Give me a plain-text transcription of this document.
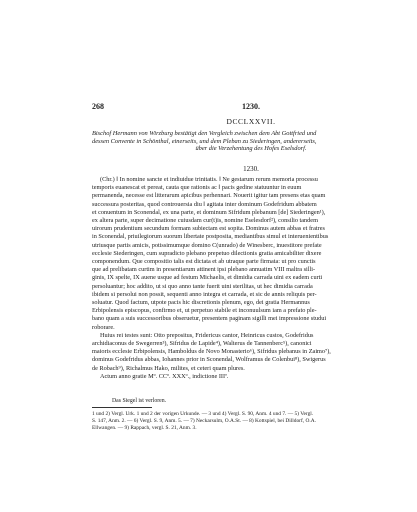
268	1230.
DCCLXXVII.
Bischof Hermann von Wirzburg bestätigt den Vergleich zwischen dem Abt Gottfried und
dessen Convente in Schönthal, einerseits, und dem Pleban zu Siederingen, andererseits,
über die Verzehentung des Hofes Eselsdorf.
1230.
(Chr.) ‖ In nomine sancte et indiuidue trinitatis. ‖ Ne gestarum rerum memoria processu
temporis euanescat et pereat, cauta que rationis ac ‖ pacis gedine statuuntur in euum
permanenda, necesse est litterarum apicibus perhennari. Nouerit igitur tam presens etas quam
successura posteritas, quod controuersia diu ‖ agitata inter dominum Godefridum abbatem
et conuentum in Sconendal, ex una parte, et dominum Sifridum plebanum [de] Siederingen¹),
ex altera parte, super decimatione cuiusdam cur(t)is, nomine Eselesdorf²), consilio tandem
uirorum prudentium secundum formam subiectam est sopita. Dominus autem abbas et fratres
in Sconendal, priuilegiorum suorum libertate postposita, mediantibus simul et interuenientibus
utriusque partis amicis, potissimumque domino C(unrado) de Winesberc, inuestitore prefate
ecclesie Siederingen, cum supradicto plebano prepetuo dilectionis gratia amicabiliter dixere
componendum. Que compositio talis est dictata et ab utraque parte firmata: ut pro cunctis
que ad prelibatam curtim in presentiarum attinent ipsi plebano annuatim VIII maltra silli-
ginis, IX spelte, IX auene usque ad festum Michaelis, et dimidia carrada uini ex eadem curti
persoluantur; hoc addito, ut si quo anno tante fuerit uini sterilitas, ut hec dimidia carrada
ibidem si persolui non possit, sequenti anno integra et carrada, et sic de annis reliquis per-
soluatur. Quod factum, utpote pacis hic discretionis plenum, ego, dei gratia Hermannus
Erbipolensis episcopus, confirmo et, ut perpetuo stabile et inconuulsum iam a prefato ple-
bano quam a suis successoribus obseruetur, presentem paginam sigilli mei impressione studui
roborare.
Huius rei testes sunt: Otto prepositus, Fridericus cantor, Heinricus custos, Godefridus
archidiaconus de Swegerren³), Sifridus de Lapide⁴), Walterus de Tannenberc⁵), canonici
maioris ecclesie Erbipolensis, Hamboldus de Novo Monasterio⁶), Sifridus plebanus in Zaimo⁷),
dominus Godefridus abbas, Iohannes prior in Sconendal, Wolframus de Colenbui⁸), Swigerus
de Robach⁹), Richalmus Hako, milites, et ceteri quam plures.
Actum anno gratie Mº. CCº. XXXº., indictione IIIª.
Das Siegel ist verloren.
1 und 2) Vergl. Urk. 1 und 2 der vorigen Urkunde. — 3 und 4) Vergl. S. 90, Anm. 4 und 7. — 5) Vergl.
S. 147, Anm. 2. — 6) Vergl. S. 9, Anm. 5. — 7) Neckarsulm, O.A.St. — 8) Kottspiel, bei Dilldorf, O.A.
Ellwangen. — 9) Rappach, vergl. S. 21, Anm. 3.
